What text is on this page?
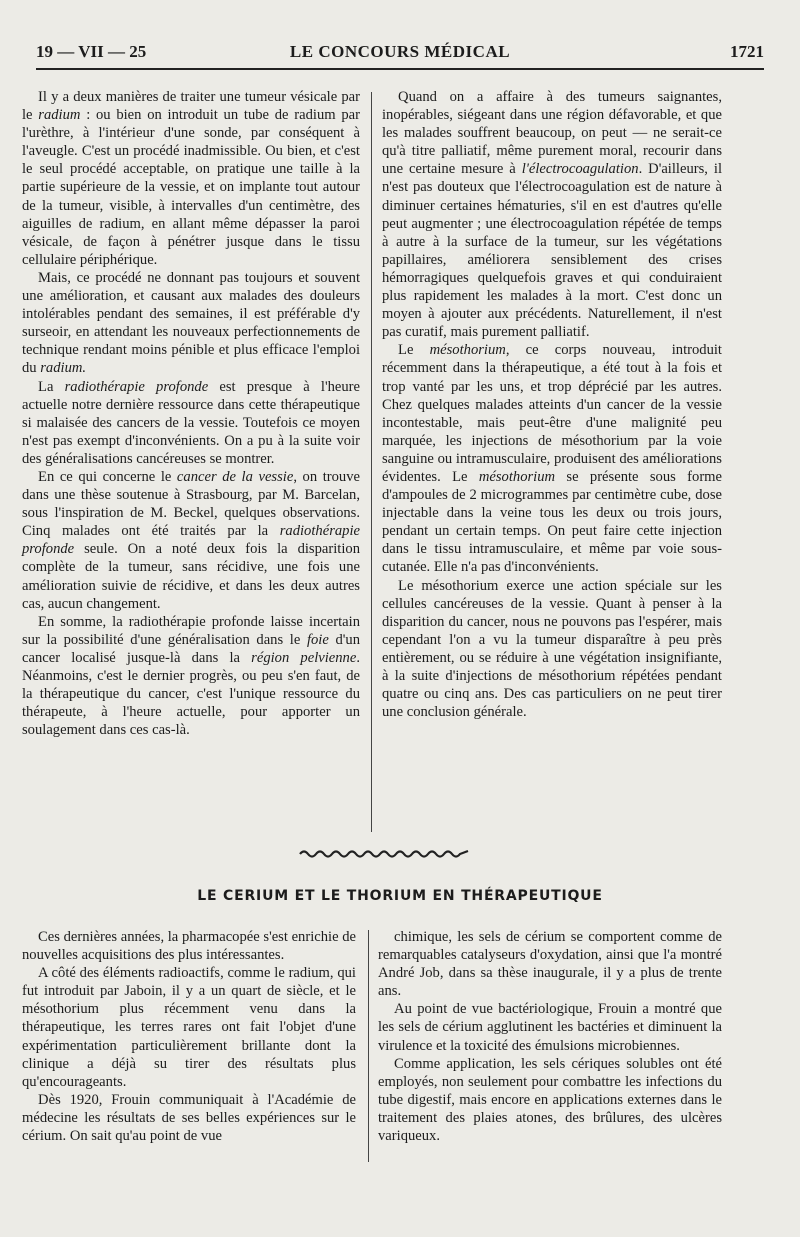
19 — VII — 25	LE CONCOURS MÉDICAL	1721

Il y a deux manières de traiter une tumeur vésicale par le radium : ou bien on introduit un tube de radium par l'urèthre, à l'intérieur d'une sonde, par conséquent à l'aveugle. C'est un procédé inadmissible. Ou bien, et c'est le seul procédé acceptable, on pratique une taille à la partie supérieure de la vessie, et on implante tout autour de la tumeur, visible, à intervalles d'un centimètre, des aiguilles de radium, en allant même dépasser la paroi vésicale, de façon à pénétrer jusque dans le tissu cellulaire périphérique.

Mais, ce procédé ne donnant pas toujours et souvent une amélioration, et causant aux malades des douleurs intolérables pendant des semaines, il est préférable d'y surseoir, en attendant les nouveaux perfectionnements de technique rendant moins pénible et plus efficace l'emploi du radium.

La radiothérapie profonde est presque à l'heure actuelle notre dernière ressource dans cette thérapeutique si malaisée des cancers de la vessie. Toutefois ce moyen n'est pas exempt d'inconvénients. On a pu à la suite voir des généralisations cancéreuses se montrer.

En ce qui concerne le cancer de la vessie, on trouve dans une thèse soutenue à Strasbourg, par M. Barcelan, sous l'inspiration de M. Beckel, quelques observations. Cinq malades ont été traités par la radiothérapie profonde seule. On a noté deux fois la disparition complète de la tumeur, sans récidive, une fois une amélioration suivie de récidive, et dans les deux autres cas, aucun changement.

En somme, la radiothérapie profonde laisse incertain sur la possibilité d'une généralisation dans le foie d'un cancer localisé jusque-là dans la région pelvienne. Néanmoins, c'est le dernier progrès, ou peu s'en faut, de la thérapeutique du cancer, c'est l'unique ressource du thérapeute, à l'heure actuelle, pour apporter un soulagement dans ces cas-là.

Quand on a affaire à des tumeurs saignantes, inopérables, siégeant dans une région défavorable, et que les malades souffrent beaucoup, on peut — ne serait-ce qu'à titre palliatif, même purement moral, recourir dans une certaine mesure à l'électrocoagulation. D'ailleurs, il n'est pas douteux que l'électrocoagulation est de nature à diminuer certaines hématuries, s'il en est d'autres qu'elle peut augmenter ; une électrocoagulation répétée de temps à autre à la surface de la tumeur, sur les végétations papillaires, améliorera sensiblement des crises hémorragiques quelquefois graves et qui conduiraient plus rapidement les malades à la mort. C'est donc un moyen à ajouter aux précédents. Naturellement, il n'est pas curatif, mais purement palliatif.

Le mésothorium, ce corps nouveau, introduit récemment dans la thérapeutique, a été tout à la fois et trop vanté par les uns, et trop déprécié par les autres. Chez quelques malades atteints d'un cancer de la vessie incontestable, mais peut-être d'une malignité peu marquée, les injections de mésothorium par la voie sanguine ou intramusculaire, produisent des améliorations évidentes. Le mésothorium se présente sous forme d'ampoules de 2 microgrammes par centimètre cube, dose injectable dans la veine tous les deux ou trois jours, pendant un certain temps. On peut faire cette injection dans le tissu intramusculaire, et même par voie sous-cutanée. Elle n'a pas d'inconvénients.

Le mésothorium exerce une action spéciale sur les cellules cancéreuses de la vessie. Quant à penser à la disparition du cancer, nous ne pouvons pas l'espérer, mais cependant l'on a vu la tumeur disparaître à peu près entièrement, ou se réduire à une végétation insignifiante, à la suite d'injections de mésothorium répétées pendant quatre ou cinq ans. Des cas particuliers on ne peut tirer une conclusion générale.

LE CERIUM ET LE THORIUM EN THÉRAPEUTIQUE

Ces dernières années, la pharmacopée s'est enrichie de nouvelles acquisitions des plus intéressantes.

A côté des éléments radioactifs, comme le radium, qui fut introduit par Jaboin, il y a un quart de siècle, et le mésothorium plus récemment venu dans la thérapeutique, les terres rares ont fait l'objet d'une expérimentation particulièrement brillante dont la clinique a déjà su tirer des résultats plus qu'encourageants.

Dès 1920, Frouin communiquait à l'Académie de médecine les résultats de ses belles expériences sur le cérium. On sait qu'au point de vue

chimique, les sels de cérium se comportent comme de remarquables catalyseurs d'oxydation, ainsi que l'a montré André Job, dans sa thèse inaugurale, il y a plus de trente ans.

Au point de vue bactériologique, Frouin a montré que les sels de cérium agglutinent les bactéries et diminuent la virulence et la toxicité des émulsions microbiennes.

Comme application, les sels cériques solubles ont été employés, non seulement pour combattre les infections du tube digestif, mais encore en applications externes dans le traitement des plaies atones, des brûlures, des ulcères variqueux.
